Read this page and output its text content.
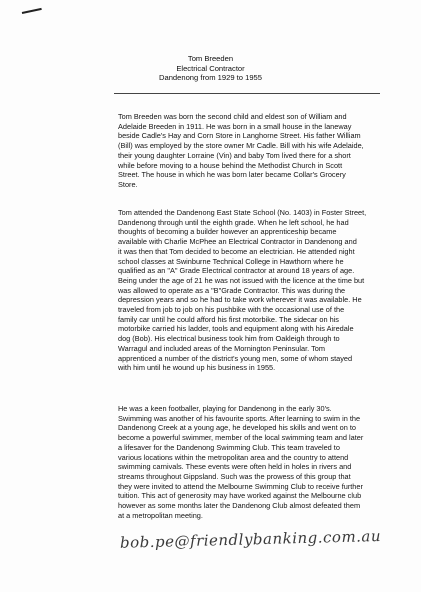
Tom Breeden
Electrical Contractor
Dandenong from 1929 to 1955

Tom Breeden was born the second child and eldest son of William and
Adelaide Breeden in 1911. He was born in a small house in the laneway
beside Cadle's Hay and Corn Store in Langhorne Street. His father William
(Bill) was employed by the store owner Mr Cadle. Bill with his wife Adelaide,
their young daughter Lorraine (Vin) and baby Tom lived there for a short
while before moving to a house behind the Methodist Church in Scott
Street. The house in which he was born later became Collar's Grocery
Store.

Tom attended the Dandenong East State School (No. 1403) in Foster Street,
Dandenong through until the eighth grade. When he left school, he had
thoughts of becoming a builder however an apprenticeship became
available with Charlie McPhee an Electrical Contractor in Dandenong and
it was then that Tom decided to become an electrician. He attended night
school classes at Swinburne Technical College in Hawthorn where he
qualified as an "A" Grade Electrical contractor at around 18 years of age.
Being under the age of 21 he was not issued with the licence at the time but
was allowed to operate as a "B"Grade Contractor. This was during the
depression years and so he had to take work wherever it was available. He
traveled from job to job on his pushbike with the occasional use of the
family car until he could afford his first motorbike. The sidecar on his
motorbike carried his ladder, tools and equipment along with his Airedale
dog (Bob). His electrical business took him from Oakleigh through to
Warragul and included areas of the Mornington Peninsular. Tom
apprenticed a number of the district's young men, some of whom stayed
with him until he wound up his business in 1955.

He was a keen footballer, playing for Dandenong in the early 30's.
Swimming was another of his favourite sports. After learning to swim in the
Dandenong Creek at a young age, he developed his skills and went on to
become a powerful swimmer, member of the local swimming team and later
a lifesaver for the Dandenong Swimming Club. This team traveled to
various locations within the metropolitan area and the country to attend
swimming carnivals. These events were often held in holes in rivers and
streams throughout Gippsland. Such was the prowess of this group that
they were invited to attend the Melbourne Swimming Club to receive further
tuition. This act of generosity may have worked against the Melbourne club
however as some months later the Dandenong Club almost defeated them
at a metropolitan meeting.

bob.pe@friendlybanking.com.au
